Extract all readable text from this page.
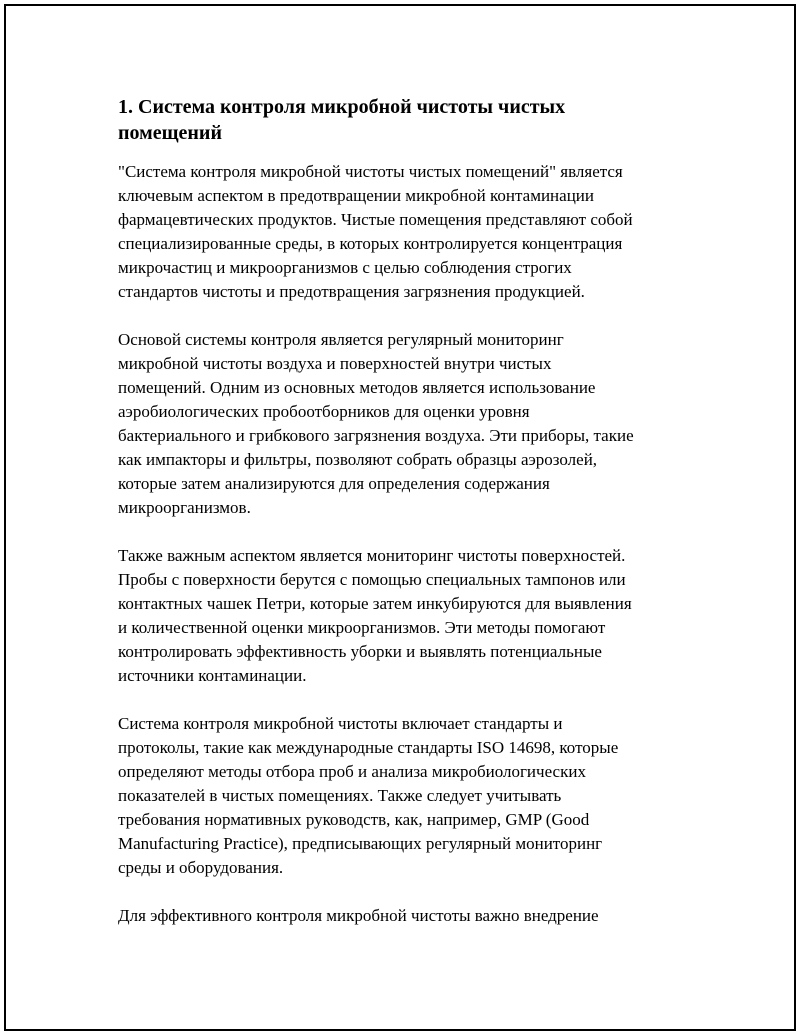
1. Система контроля микробной чистоты чистых
помещений

"Система контроля микробной чистоты чистых помещений" является
ключевым аспектом в предотвращении микробной контаминации
фармацевтических продуктов. Чистые помещения представляют собой
специализированные среды, в которых контролируется концентрация
микрочастиц и микроорганизмов с целью соблюдения строгих
стандартов чистоты и предотвращения загрязнения продукцией.

Основой системы контроля является регулярный мониторинг
микробной чистоты воздуха и поверхностей внутри чистых
помещений. Одним из основных методов является использование
аэробиологических пробоотборников для оценки уровня
бактериального и грибкового загрязнения воздуха. Эти приборы, такие
как импакторы и фильтры, позволяют собрать образцы аэрозолей,
которые затем анализируются для определения содержания
микроорганизмов.

Также важным аспектом является мониторинг чистоты поверхностей.
Пробы с поверхности берутся с помощью специальных тампонов или
контактных чашек Петри, которые затем инкубируются для выявления
и количественной оценки микроорганизмов. Эти методы помогают
контролировать эффективность уборки и выявлять потенциальные
источники контаминации.

Система контроля микробной чистоты включает стандарты и
протоколы, такие как международные стандарты ISO 14698, которые
определяют методы отбора проб и анализа микробиологических
показателей в чистых помещениях. Также следует учитывать
требования нормативных руководств, как, например, GMP (Good
Manufacturing Practice), предписывающих регулярный мониторинг
среды и оборудования.

Для эффективного контроля микробной чистоты важно внедрение
